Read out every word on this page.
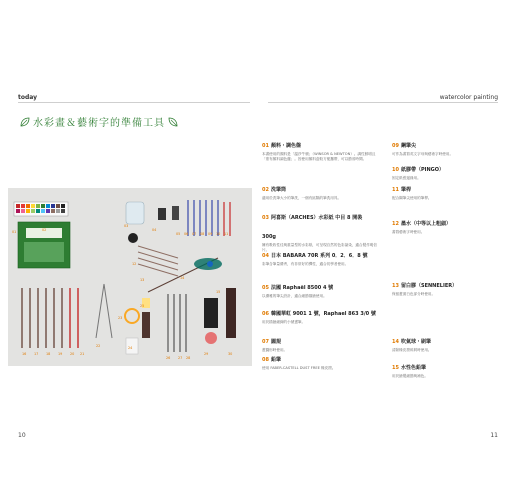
today	watercolor painting
水彩畫＆藝術字的準備工具
01 顏料・調色盤
本書使用的顏料是「溫莎牛頓」（WINSOR & NEWTON）。調性鮮明且「塗布顏料調色盤」。因使用顏料盒較方便攜帶，可以節省時間。
02 洗筆筒
適用於洗筆大小的筆洗，一個有區隔的筆洗用具。
03 阿喜斯（ARCHES）水彩紙 中目 8 開裝 300g
擁有吸收性佳與重量型的水彩紙，可呈現自然的色彩暈染，適合製作明信片。
04 日本 BABARA 70R 系列 0．2．6．8 號
彩筆含筆量優秀，有非常好的彈性，適合初學者使用。
05 法國 Raphaël 8500 4 號
以優雅的筆尖設計，適合細節描繪使用。
06 韓國華虹 9001 1 號，Raphael 863 3/0 號
用於描繪細線的小號畫筆。
07 圓規
畫圓形時使用。
08 鉛筆
使用 FABER-CASTELL DUST FREE 橡皮擦。
09 鋼筆尖
可作為書寫英文字母與藝術字時使用。
10 紙膠帶（PINGO）
固定紙張邊緣用。
11 筆桿
配合鋼筆尖使用的筆桿。
12 墨水（中等以上粗細）
書寫藝術字時使用。
13 留白膠（SENNELIER）
保留畫面白色部分時使用。
14 吹氣球・刷筆
清除橡皮擦碎屑時使用。
15 水性色鉛筆
用於繪製細節與補色。
10	11
01	02
03
04
05 06 07 08 09 10 11
12
13	14
15
16 17 18 19 20 21
22
23
24
25
26 27 28
29	30
